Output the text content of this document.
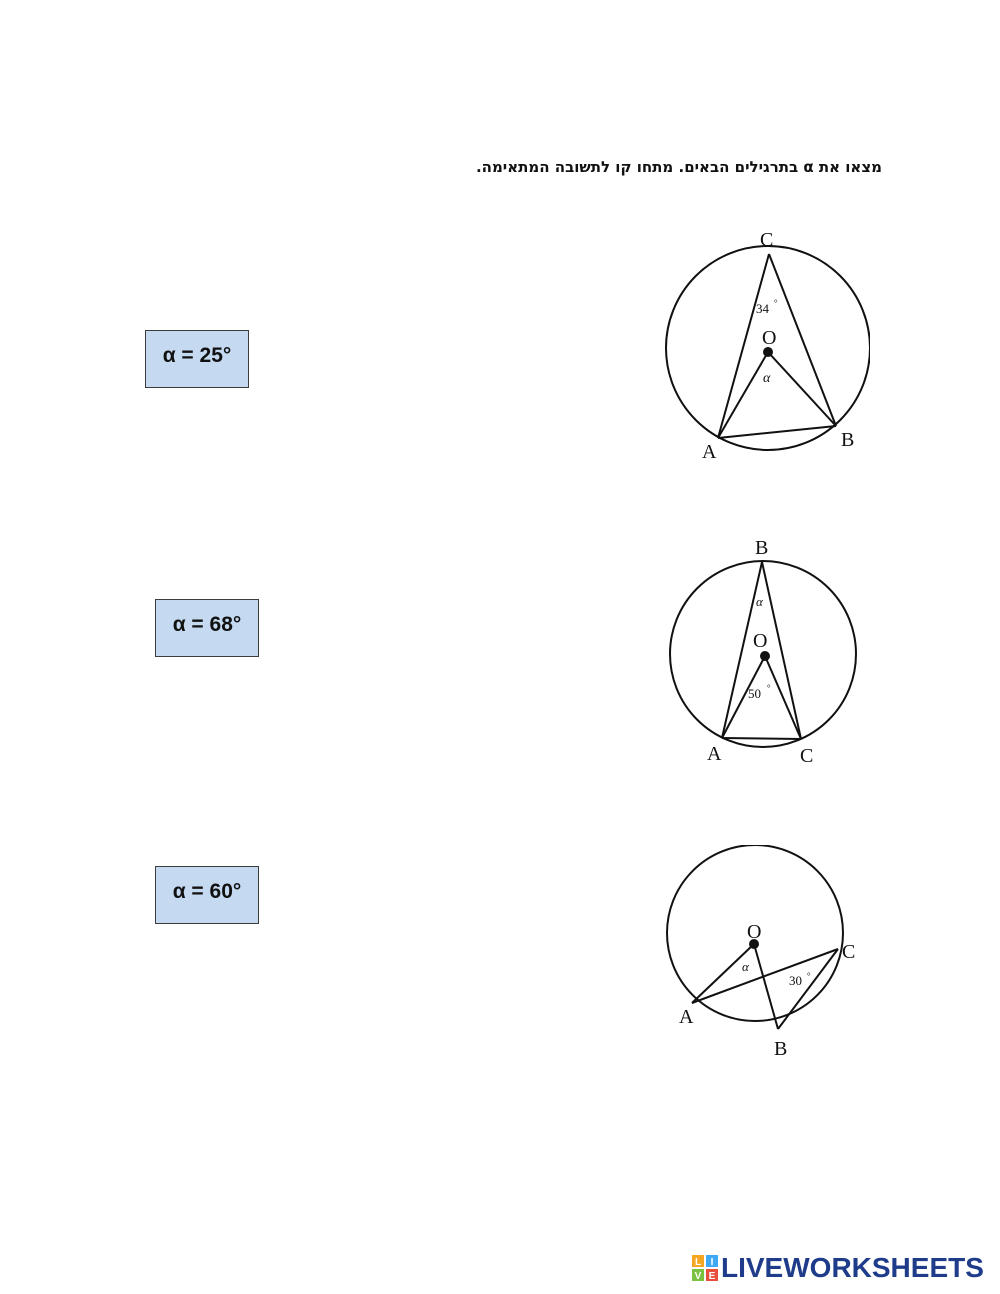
מצאו את α בתרגילים הבאים. מתחו קו לתשובה המתאימה.
α = 25°
α = 68°
α = 60°
C
O
A
B
34 °
α
B
O
A	C
α
50 °
O
A
B
C
α
30 °
L I
V E LIVEWORKSHEETS
